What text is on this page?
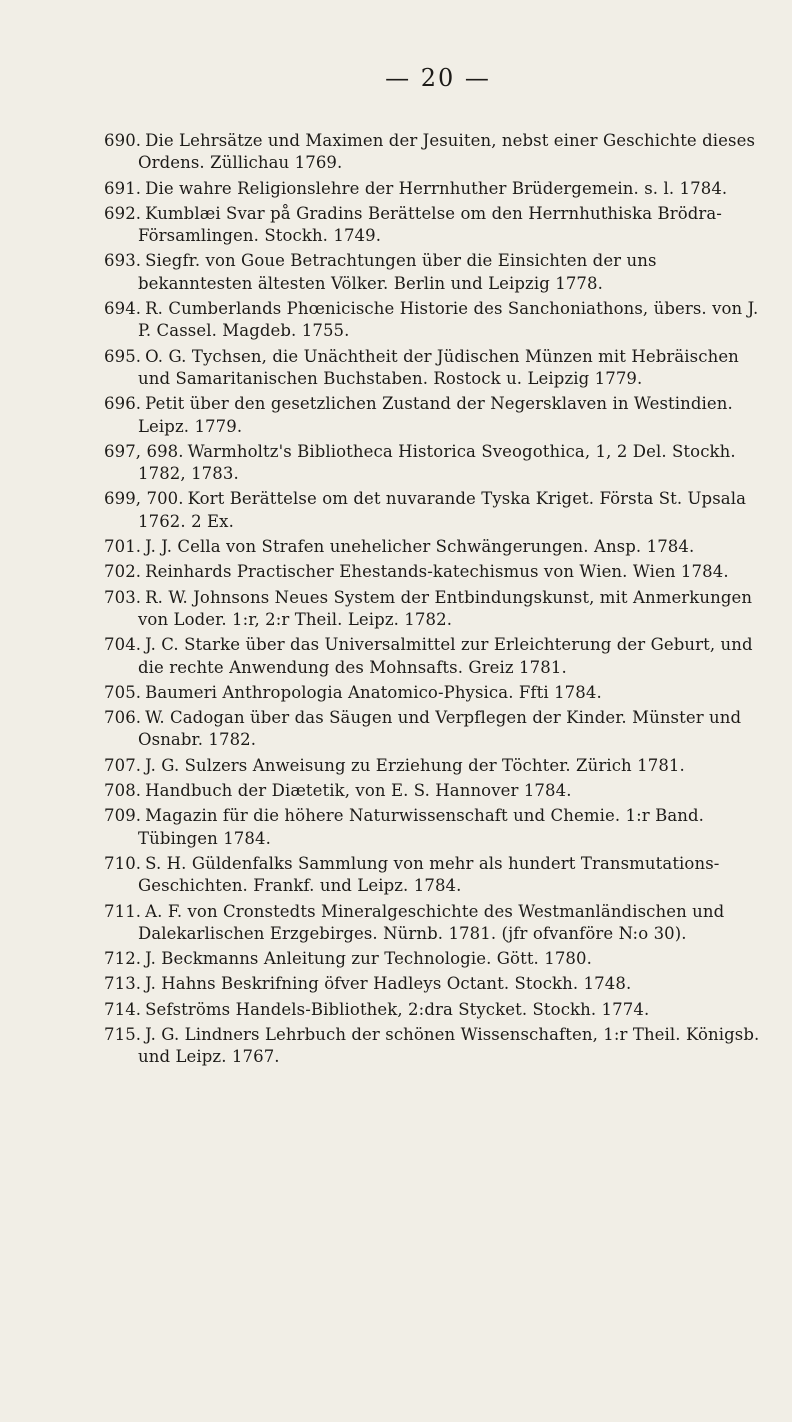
— 20 —
690. Die Lehrsätze und Maximen der Jesuiten, nebst einer Geschichte dieses Ordens. Züllichau 1769.
691. Die wahre Religionslehre der Herrnhuther Brüdergemein. s. l. 1784.
692. Kumblæi Svar på Gradins Berättelse om den Herrnhuthiska Brödra-Församlingen. Stockh. 1749.
693. Siegfr. von Goue Betrachtungen über die Einsichten der uns bekanntesten ältesten Völker. Berlin und Leipzig 1778.
694. R. Cumberlands Phœnicische Historie des Sanchoniathons, übers. von J. P. Cassel. Magdeb. 1755.
695. O. G. Tychsen, die Unächtheit der Jüdischen Münzen mit Hebräischen und Samaritanischen Buchstaben. Rostock u. Leipzig 1779.
696. Petit über den gesetzlichen Zustand der Negersklaven in Westindien. Leipz. 1779.
697, 698. Warmholtz's Bibliotheca Historica Sveogothica, 1, 2 Del. Stockh. 1782, 1783.
699, 700. Kort Berättelse om det nuvarande Tyska Kriget. Första St. Upsala 1762. 2 Ex.
701. J. J. Cella von Strafen unehelicher Schwängerungen. Ansp. 1784.
702. Reinhards Practischer Ehestands-katechismus von Wien. Wien 1784.
703. R. W. Johnsons Neues System der Entbindungskunst, mit Anmerkungen von Loder. 1:r, 2:r Theil. Leipz. 1782.
704. J. C. Starke über das Universalmittel zur Erleichterung der Geburt, und die rechte Anwendung des Mohnsafts. Greiz 1781.
705. Baumeri Anthropologia Anatomico-Physica. Ffti 1784.
706. W. Cadogan über das Säugen und Verpflegen der Kinder. Münster und Osnabr. 1782.
707. J. G. Sulzers Anweisung zu Erziehung der Töchter. Zürich 1781.
708. Handbuch der Diætetik, von E. S. Hannover 1784.
709. Magazin für die höhere Naturwissenschaft und Chemie. 1:r Band. Tübingen 1784.
710. S. H. Güldenfalks Sammlung von mehr als hundert Transmutations-Geschichten. Frankf. und Leipz. 1784.
711. A. F. von Cronstedts Mineralgeschichte des Westmanländischen und Dalekarlischen Erzgebirges. Nürnb. 1781. (jfr ofvanföre N:o 30).
712. J. Beckmanns Anleitung zur Technologie. Gött. 1780.
713. J. Hahns Beskrifning öfver Hadleys Octant. Stockh. 1748.
714. Sefströms Handels-Bibliothek, 2:dra Stycket. Stockh. 1774.
715. J. G. Lindners Lehrbuch der schönen Wissenschaften, 1:r Theil. Königsb. und Leipz. 1767.
